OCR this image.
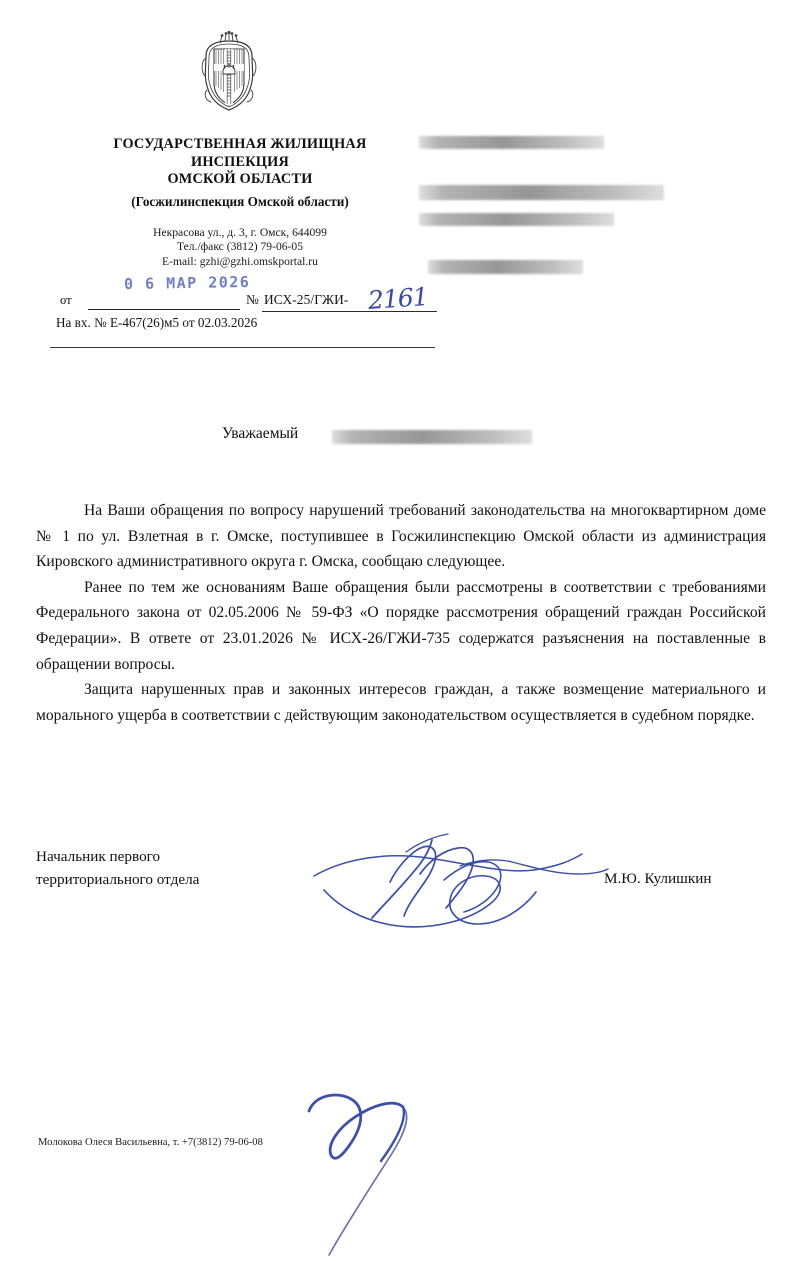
ГОСУДАРСТВЕННАЯ ЖИЛИЩНАЯ
ИНСПЕКЦИЯ
ОМСКОЙ ОБЛАСТИ
(Госжилинспекция Омской области)
Некрасова ул., д. 3, г. Омск, 644099
Тел./факс (3812) 79-06-05
E-mail: gzhi@gzhi.omskportal.ru
от	№ ИСХ-25/ГЖИ- 2161
На вх. № Е-467(26)м5 от 02.03.2026
0 6 МАР 2026
Уважаемый

На Ваши обращения по вопросу нарушений требований законодательства на многоквартирном доме № 1 по ул. Взлетная в г. Омске, поступившее в Госжилинспекцию Омской области из администрация Кировского административного округа г. Омска, сообщаю следующее.

Ранее по тем же основаниям Ваше обращения были рассмотрены в соответствии с требованиями Федерального закона от 02.05.2006 № 59-ФЗ «О порядке рассмотрения обращений граждан Российской Федерации». В ответе от 23.01.2026 № ИСХ-26/ГЖИ-735 содержатся разъяснения на поставленные в обращении вопросы.

Защита нарушенных прав и законных интересов граждан, а также возмещение материального и морального ущерба в соответствии с действующим законодательством осуществляется в судебном порядке.

Начальник первого
территориального отдела	М.Ю. Кулишкин
Молокова Олеся Васильевна, т. +7(3812) 79-06-08
